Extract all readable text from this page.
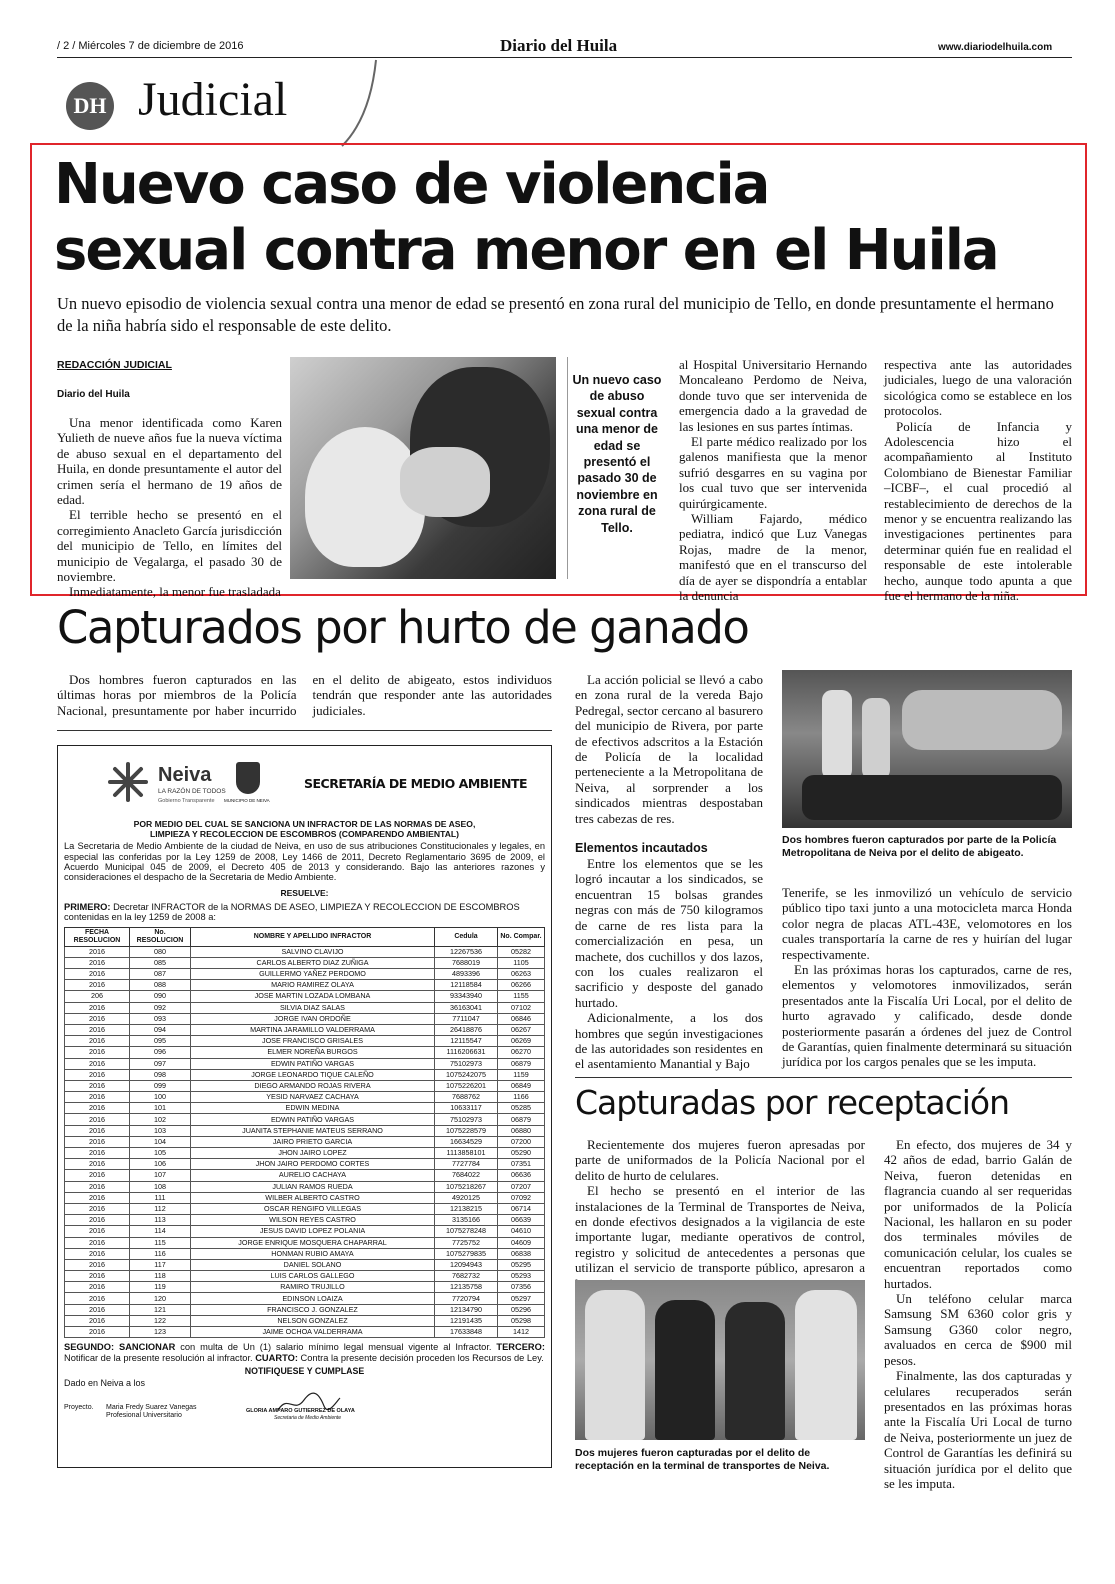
/ 2 / Miércoles 7 de diciembre de 2016	Diario del Huila	www.diariodelhuila.com
DH Judicial
Nuevo caso de violencia
sexual contra menor en el Huila
Un nuevo episodio de violencia sexual contra una menor de edad se presentó en zona rural del municipio de Tello, en donde presuntamente el hermano de la niña habría sido el responsable de este delito.
REDACCIÓN JUDICIAL
Diario del Huila

Una menor identificada como Karen Yulieth de nueve años fue la nueva víctima de abuso sexual en el departamento del Huila, en donde presuntamente el autor del crimen sería el hermano de 19 años de edad.

El terrible hecho se presentó en el corregimiento Anacleto García jurisdicción del municipio de Tello, en límites del municipio de Vegalarga, el pasado 30 de noviembre.

Inmediatamente, la menor fue trasladada

Un nuevo caso de abuso sexual contra una menor de edad se presentó el pasado 30 de noviembre en zona rural de Tello.

al Hospital Universitario Hernando Moncaleano Perdomo de Neiva, donde tuvo que ser intervenida de emergencia dado a la gravedad de las lesiones en sus partes íntimas.

El parte médico realizado por los galenos manifiesta que la menor sufrió desgarres en su vagina por los cual tuvo que ser intervenida quirúrgicamente.

William Fajardo, médico pediatra, indicó que Luz Vanegas Rojas, madre de la menor, manifestó que en el transcurso del día de ayer se dispondría a entablar la denuncia

respectiva ante las autoridades judiciales, luego de una valoración sicológica como se establece en los protocolos.

Policía de Infancia y Adolescencia hizo el acompañamiento al Instituto Colombiano de Bienestar Familiar –ICBF–, el cual procedió al restablecimiento de derechos de la menor y se encuentra realizando las investigaciones pertinentes para determinar quién fue en realidad el responsable de este intolerable hecho, aunque todo apunta a que fue el hermano de la niña.

Capturados por hurto de ganado

Dos hombres fueron capturados en las últimas horas por miembros de la Policía Nacional, presuntamente por haber incurrido en el delito de abigeato, estos individuos tendrán que responder ante las autoridades judiciales.

La acción policial se llevó a cabo en zona rural de la vereda Bajo Pedregal, sector cercano al basurero del municipio de Rivera, por parte de efectivos adscritos a la Estación de Policía de la localidad perteneciente a la Metropolitana de Neiva, al sorprender a los sindicados mientras despostaban tres cabezas de res.

Elementos incautados

Entre los elementos que se les logró incautar a los sindicados, se encuentran 15 bolsas grandes negras con más de 750 kilogramos de carne de res lista para la comercialización en pesa, un machete, dos cuchillos y dos lazos, con los cuales realizaron el sacrificio y desposte del ganado hurtado.

Adicionalmente, a los dos hombres que según investigaciones de las autoridades son residentes en el asentamiento Manantial y Bajo

Dos hombres fueron capturados por parte de la Policía Metropolitana de Neiva por el delito de abigeato.

Tenerife, se les inmovilizó un vehículo de servicio público tipo taxi junto a una motocicleta marca Honda color negra de placas ATL-43E, velomotores en los cuales transportaría la carne de res y huirían del lugar respectivamente.

En las próximas horas los capturados, carne de res, elementos y velomotores inmovilizados, serán presentados ante la Fiscalía Uri Local, por el delito de hurto agravado y calificado, desde donde posteriormente pasarán a órdenes del juez de Control de Garantías, quien finalmente determinará su situación jurídica por los cargos penales que se les imputa.

Neiva
LA RAZÓN DE TODOS
Gobierno Transparente MUNICIPIO DE NEIVA
SECRETARÍA DE MEDIO AMBIENTE
POR MEDIO DEL CUAL SE SANCIONA UN INFRACTOR DE LAS NORMAS DE ASEO, LIMPIEZA Y RECOLECCION DE ESCOMBROS (COMPARENDO AMBIENTAL)
La Secretaria de Medio Ambiente de la ciudad de Neiva, en uso de sus atribuciones Constitucionales y legales, en especial las conferidas por la Ley 1259 de 2008, Ley 1466 de 2011, Decreto Reglamentario 3695 de 2009, el Acuerdo Municipal 045 de 2009, el Decreto 405 de 2013 y considerando. Bajo las anteriores razones y consideraciones el despacho de la Secretaria de Medio Ambiente.
RESUELVE:
PRIMERO: Decretar INFRACTOR de la NORMAS DE ASEO, LIMPIEZA Y RECOLECCION DE ESCOMBROS contenidas en la ley 1259 de 2008 a:
FECHA RESOLUCION	No. RESOLUCION	NOMBRE Y APELLIDO INFRACTOR	Cedula	No. Compar.
2016	080	SALVINO CLAVIJO	12267536	05282
2016	085	CARLOS ALBERTO DIAZ ZUÑIGA	7688019	1105
2016	087	GUILLERMO YAÑEZ PERDOMO	4893396	06263
2016	088	MARIO RAMIREZ OLAYA	12118584	06266
206	090	JOSE MARTIN LOZADA LOMBANA	93343940	1155
2016	092	SILVIA DIAZ SALAS	36163041	07102
2016	093	JORGE IVAN ORDOÑE	7711047	06846
2016	094	MARTINA JARAMILLO VALDERRAMA	26418876	06267
2016	095	JOSE FRANCISCO GRISALES	12115547	06269
2016	096	ELMER NOREÑA BURGOS	1116206631	06270
2016	097	EDWIN PATIÑO VARGAS	75102973	06879
2016	098	JORGE LEONARDO TIQUE CALEÑO	1075242075	1159
2016	099	DIEGO ARMANDO ROJAS RIVERA	1075226201	06849
2016	100	YESID NARVAEZ CACHAYA	7688762	1166
2016	101	EDWIN MEDINA	10633117	05285
2016	102	EDWIN PATIÑO VARGAS	75102973	06879
2016	103	JUANITA STEPHANIE MATEUS SERRANO	1075228579	06880
2016	104	JAIRO PRIETO GARCIA	16634529	07200
2016	105	JHON JAIRO LOPEZ	1113858101	05290
2016	106	JHON JAIRO PERDOMO CORTES	7727784	07351
2016	107	AURELIO CACHAYA	7684022	06636
2016	108	JULIAN RAMOS RUEDA	1075218267	07207
2016	111	WILBER ALBERTO CASTRO	4920125	07092
2016	112	OSCAR RENGIFO VILLEGAS	12138215	06714
2016	113	WILSON REYES CASTRO	3135166	06639
2016	114	JESUS DAVID LOPEZ POLANIA	1075278248	04610
2016	115	JORGE ENRIQUE MOSQUERA CHAPARRAL	7725752	04609
2016	116	HONMAN RUBIO AMAYA	1075279835	06838
2016	117	DANIEL SOLANO	12094943	05295
2016	118	LUIS CARLOS GALLEGO	7682732	05293
2016	119	RAMIRO TRUJILLO	12135758	07356
2016	120	EDINSON LOAIZA	7720794	05297
2016	121	FRANCISCO J. GONZALEZ	12134790	05296
2016	122	NELSON GONZALEZ	12191435	05298
2016	123	JAIME OCHOA VALDERRAMA	17633848	1412
SEGUNDO: SANCIONAR con multa de Un (1) salario mínimo legal mensual vigente al Infractor. TERCERO: Notificar de la presente resolución al infractor. CUARTO: Contra la presente decisión proceden los Recursos de Ley.
NOTIFIQUESE Y CUMPLASE
Dado en Neiva a los
Proyecto. Maria Fredy Suarez Vanegas
Profesional Universitario
GLORIA AMPARO GUTIERREZ DE OLAYA
Secretaria de Medio Ambiente
Capturadas por receptación

Recientemente dos mujeres fueron apresadas por parte de uniformados de la Policía Nacional por el delito de hurto de celulares.

El hecho se presentó en el interior de las instalaciones de la Terminal de Transportes de Neiva, en donde efectivos designados a la vigilancia de este importante lugar, mediante operativos de control, registro y solicitud de antecedentes a personas que utilizan el servicio de transporte público, apresaron a

Dos mujeres fueron capturadas por el delito de receptación en la terminal de transportes de Neiva.

En efecto, dos mujeres de 34 y 42 años de edad, barrio Galán de Neiva, fueron detenidas en flagrancia cuando al ser requeridas por uniformados de la Policía Nacional, les hallaron en su poder dos terminales móviles de comunicación celular, los cuales se encuentran reportados como hurtados.

Un teléfono celular marca Samsung SM 6360 color gris y Samsung G360 color negro, avaluados en cerca de $900 mil pesos.

Finalmente, las dos capturadas y celulares recuperados serán presentados en las próximas horas ante la Fiscalía Uri Local de turno de Neiva, posteriormente un juez de Control de Garantías les definirá su situación jurídica por el delito que se les imputa.
